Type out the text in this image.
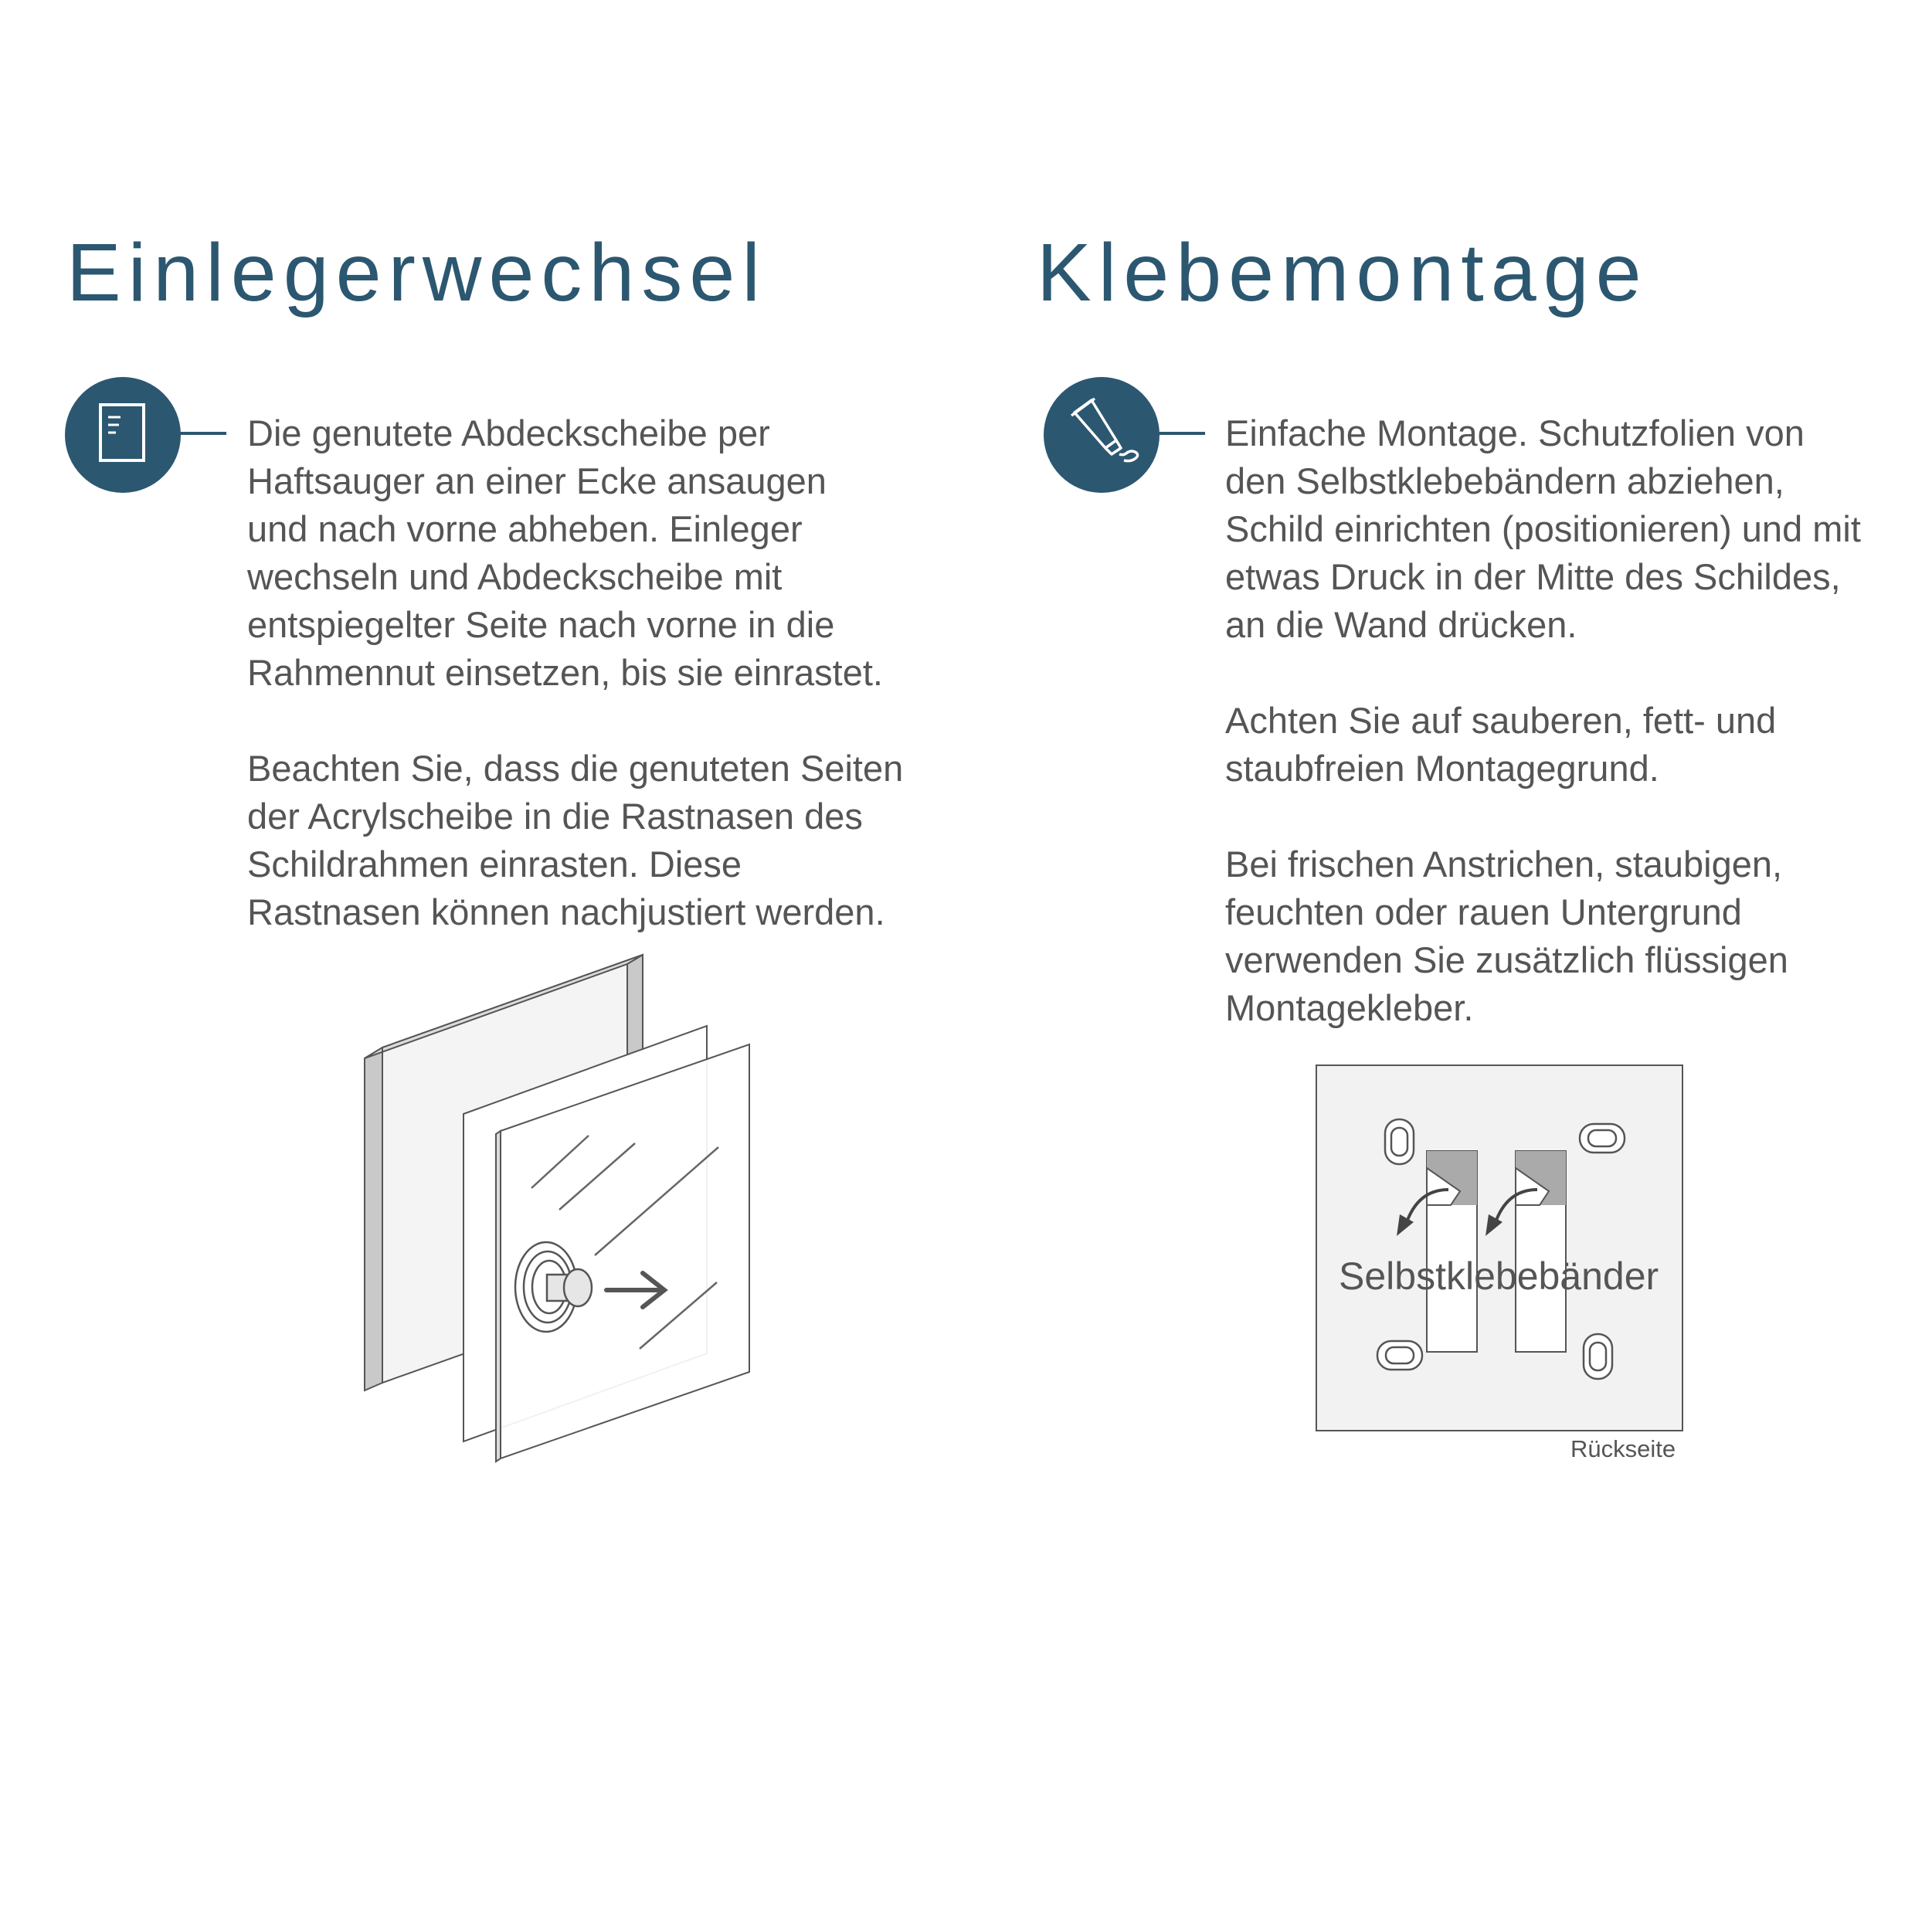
Einlegerwechsel

Die genutete Abdeckscheibe per
Haftsauger an einer Ecke ansaugen
und nach vorne abheben. Einleger
wechseln und Abdeckscheibe mit
entspiegelter Seite nach vorne in die
Rahmennut einsetzen, bis sie einrastet.

Beachten Sie, dass die genuteten Seiten
der Acrylscheibe in die Rastnasen des
Schildrahmen einrasten. Diese
Rastnasen können nachjustiert werden.

Klebemontage

Einfache Montage. Schutzfolien von
den Selbstklebebändern abziehen,
Schild einrichten (positionieren) und mit
etwas Druck in der Mitte des Schildes,
an die Wand drücken.

Achten Sie auf sauberen, fett- und
staubfreien Montagegrund.

Bei frischen Anstrichen, staubigen,
feuchten oder rauen Untergrund
verwenden Sie zusätzlich flüssigen
Montagekleber.

Selbstklebebänder
Rückseite
